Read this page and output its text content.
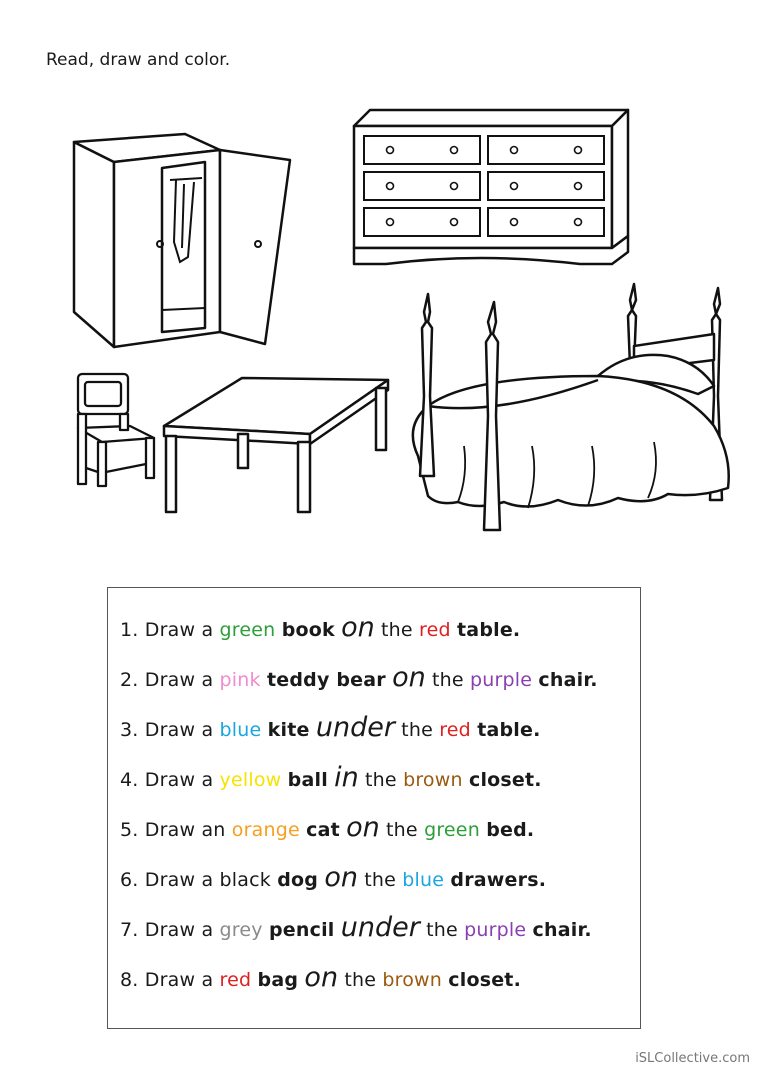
Read, draw and color.
1. Draw a green book on the red table.
2. Draw a pink teddy bear on the purple chair.
3. Draw a blue kite under the red table.
4. Draw a yellow ball in the brown closet.
5. Draw an orange cat on the green bed.
6. Draw a black dog on the blue drawers.
7. Draw a grey pencil under the purple chair.
8. Draw a red bag on the brown closet.
iSLCollective.com
